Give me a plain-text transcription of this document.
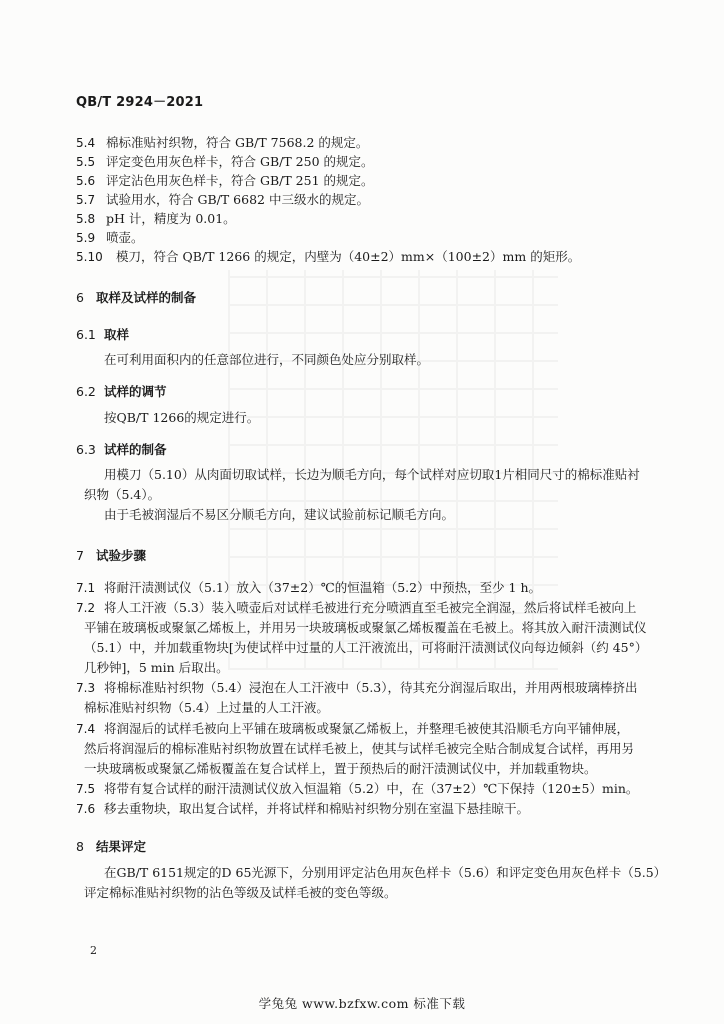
QB/T 2924－2021
5.4 棉标准贴衬织物，符合 GB/T 7568.2 的规定。
5.5 评定变色用灰色样卡，符合 GB/T 250 的规定。
5.6 评定沾色用灰色样卡，符合 GB/T 251 的规定。
5.7 试验用水，符合 GB/T 6682 中三级水的规定。
5.8 pH 计，精度为 0.01。
5.9 喷壶。
5.10 模刀，符合 QB/T 1266 的规定，内壁为（40±2）mm×（100±2）mm 的矩形。
6 取样及试样的制备
6.1 取样
在可利用面积内的任意部位进行，不同颜色处应分别取样。
6.2 试样的调节
按QB/T 1266的规定进行。
6.3 试样的制备
用模刀（5.10）从肉面切取试样，长边为顺毛方向，每个试样对应切取1片相同尺寸的棉标准贴衬
织物（5.4）。
由于毛被润湿后不易区分顺毛方向，建议试验前标记顺毛方向。
7 试验步骤
7.1 将耐汗渍测试仪（5.1）放入（37±2）℃的恒温箱（5.2）中预热，至少 1 h。
7.2 将人工汗液（5.3）装入喷壶后对试样毛被进行充分喷洒直至毛被完全润湿，然后将试样毛被向上
平铺在玻璃板或聚氯乙烯板上，并用另一块玻璃板或聚氯乙烯板覆盖在毛被上。将其放入耐汗渍测试仪
（5.1）中，并加载重物块[为使试样中过量的人工汗液流出，可将耐汗渍测试仪向每边倾斜（约 45°）
几秒钟]，5 min 后取出。
7.3 将棉标准贴衬织物（5.4）浸泡在人工汗液中（5.3），待其充分润湿后取出，并用两根玻璃棒挤出
棉标准贴衬织物（5.4）上过量的人工汗液。
7.4 将润湿后的试样毛被向上平铺在玻璃板或聚氯乙烯板上，并整理毛被使其沿顺毛方向平铺伸展，
然后将润湿后的棉标准贴衬织物放置在试样毛被上，使其与试样毛被完全贴合制成复合试样，再用另
一块玻璃板或聚氯乙烯板覆盖在复合试样上，置于预热后的耐汗渍测试仪中，并加载重物块。
7.5 将带有复合试样的耐汗渍测试仪放入恒温箱（5.2）中，在（37±2）℃下保持（120±5）min。
7.6 移去重物块，取出复合试样，并将试样和棉贴衬织物分别在室温下悬挂晾干。
8 结果评定
在GB/T 6151规定的D 65光源下，分别用评定沾色用灰色样卡（5.6）和评定变色用灰色样卡（5.5）
评定棉标准贴衬织物的沾色等级及试样毛被的变色等级。
2
学兔兔 www.bzfxw.com 标准下载
